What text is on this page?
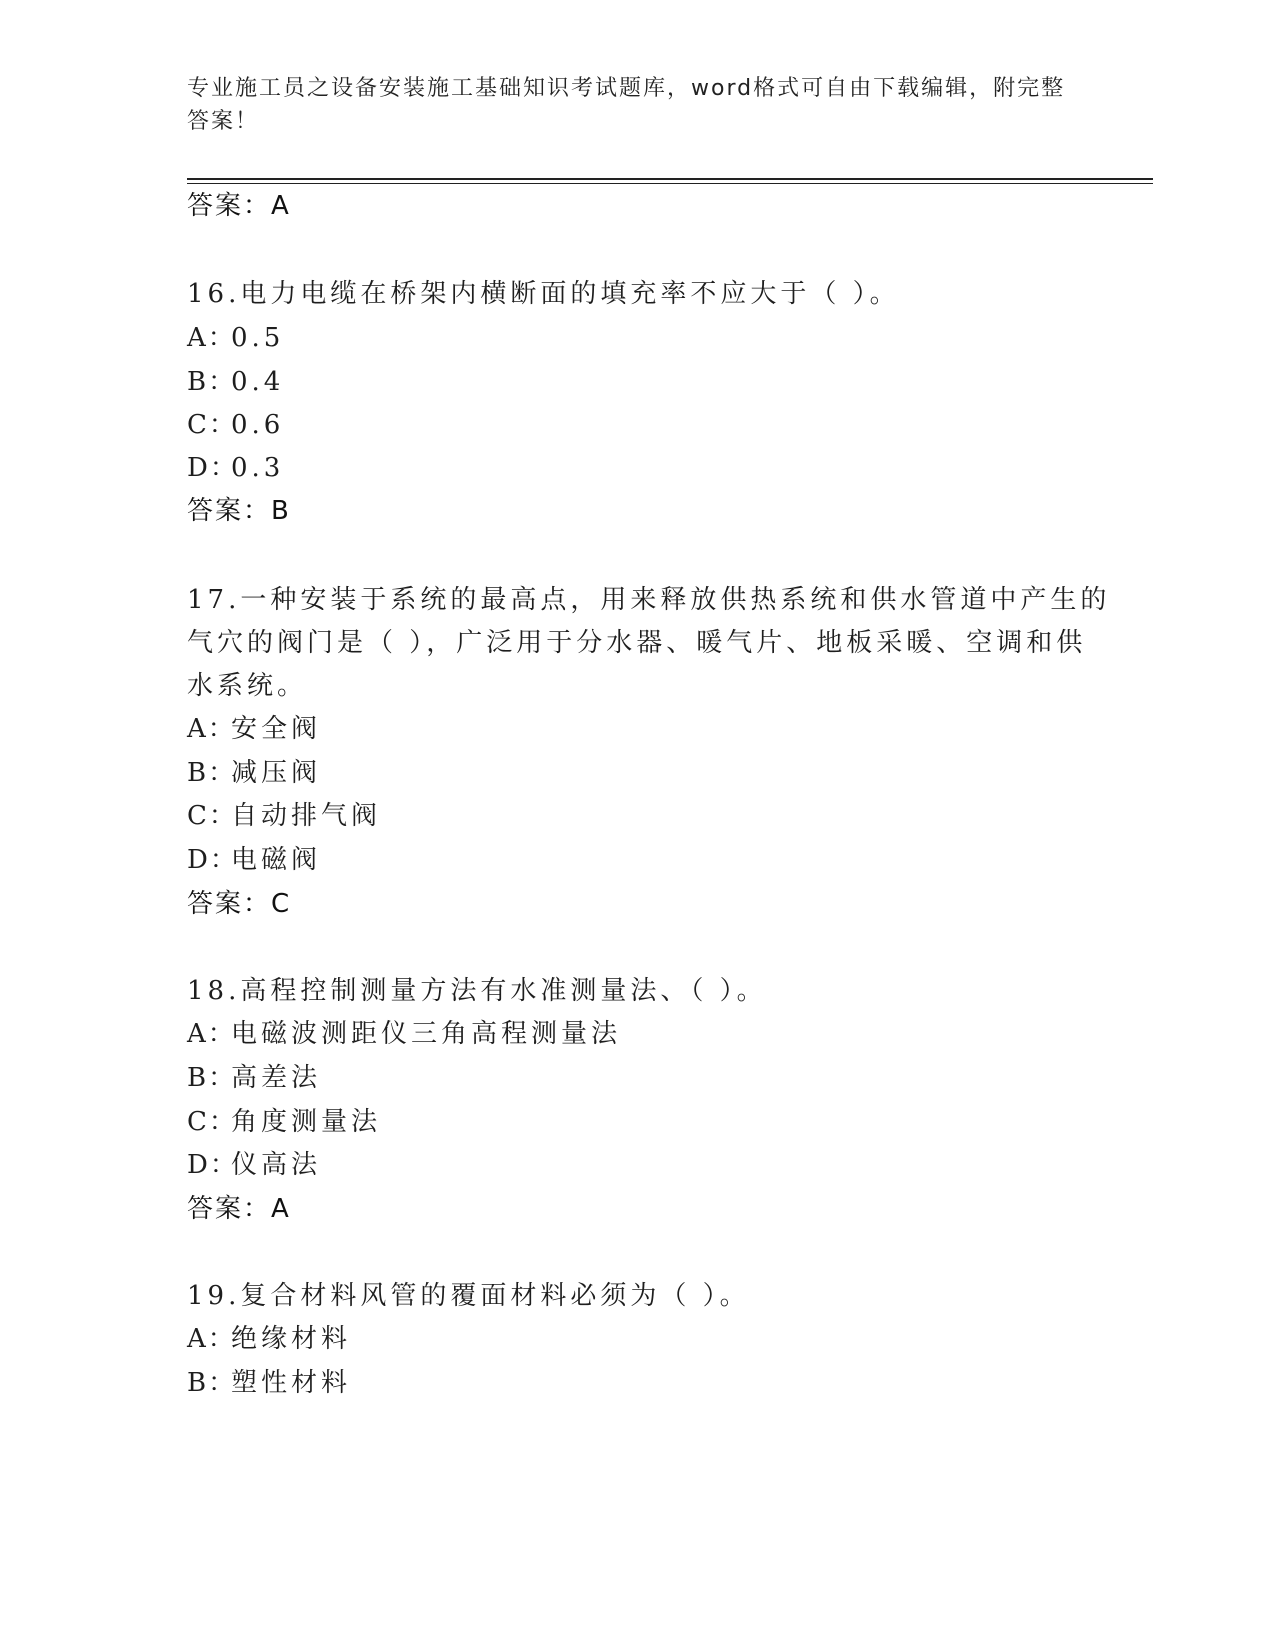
专业施工员之设备安装施工基础知识考试题库，word格式可自由下载编辑，附完整答案！
答案：A
16.电力电缆在桥架内横断面的填充率不应大于（ ）。
A：0.5
B：0.4
C：0.6
D：0.3
答案：B
17.一种安装于系统的最高点，用来释放供热系统和供水管道中产生的
气穴的阀门是（ ），广泛用于分水器、暖气片、地板采暖、空调和供
水系统。
A：安全阀
B：减压阀
C：自动排气阀
D：电磁阀
答案：C
18.高程控制测量方法有水准测量法、（ ）。
A：电磁波测距仪三角高程测量法
B：高差法
C：角度测量法
D：仪高法
答案：A
19.复合材料风管的覆面材料必须为（ ）。
A：绝缘材料
B：塑性材料
